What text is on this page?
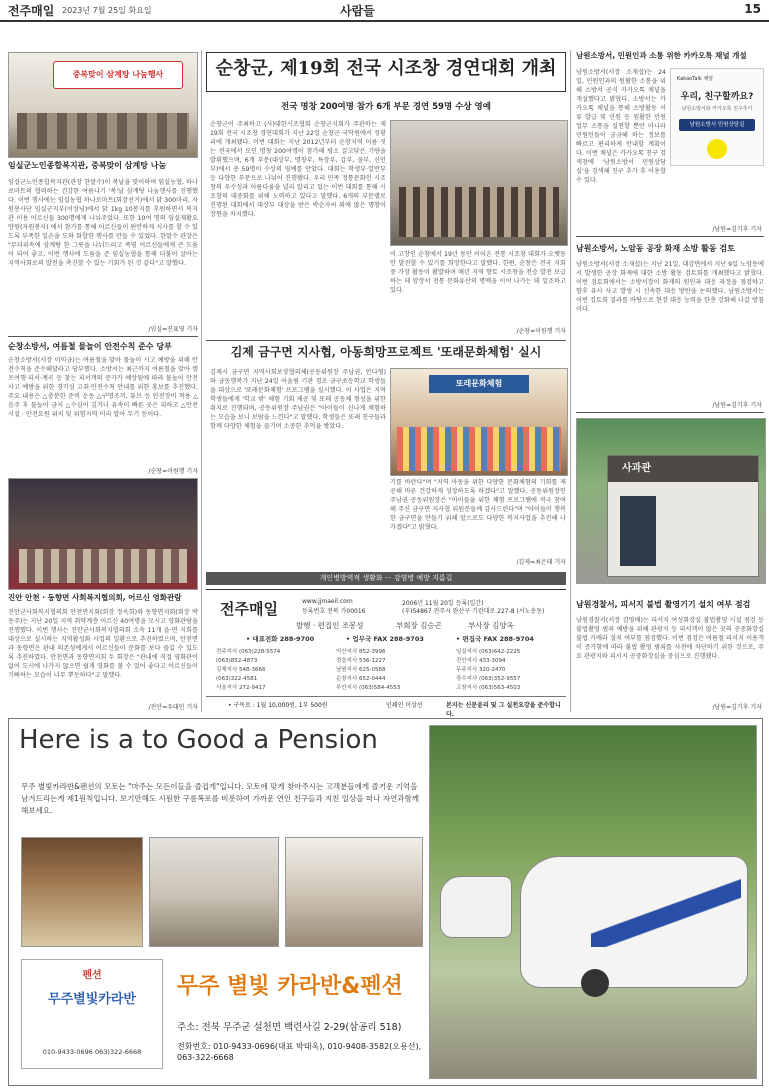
전주매일 2023년 7월 25일 화요일	사람들	15
중복맞이 삼계탕 나눔행사
임실군노인종합복지관, 중복맞이 삼계탕 나눔
임실군노인종합복지관(관장 한말수)이 복날을 맞이하여 임실농협, 하나로마트의 협력하는 건강한 여름나기 '복'날 삼계탕 나눔행사를 진행했다. 이번 행사에는 임실농협 하나로마트(회장선거)에서 닭 300마리, 자원봉사단 임실군지부(이장님)에서 닭 1kg 10봉지를 후원하면서 복지관 이용 어르신들 300명에게 나눠주었다. 또한 10여 명의 임실재활요양원(자원봉사) 에서 참가를 통해 어르신들이 편안하게 식사를 할 수 있도록 부족한 일손을 도와 화합한 행사를 만들 수 있었다. 한말수 관장은 "무더위속에 삼계탕 한 그릇을 나눠드리고 폭염 어르신들에게 큰 도움이 되어 좋고, 이번 행사에 도움을 준 임실농협을 통해 더불어 살아는 지역사회로의 발전을 촉진할 수 있는 기회가 된 것 같다"고 말했다.
/임실=진표영 기자
순창소방서, 여름철 물놀이 안전수칙 준수 당부
순창소방서(서장 이익금)는 여름철을 맞아 물놀이 시고 예방을 위해 안전수칙을 준수해달라고 당부했다. 소방서는 최근까지 여름철을 맞아 캠프여행·피서·계곡 등 찾는 피서객의 증가가 예상됨에 따라 물놀이 안전사고 예방을 위한 경각심 고취·안전수칙 안내를 위한 홍보를 추진했다. 주요 내용은 △충분한 준비 운동 △구명조끼, 튜브 등 안전장비 착용 △음주 후 물놀이 금지 △수심이 깊거나 유속이 빠른 곳은 피하고 △안전시설 · 안전요원 위치 및 위험지역 미리 알아 두기 등이다.
/순창=이원행 기자
진안 안천 · 동향면 사회복지협의회, 어르신 영화관람
진안군사회복지협의회 안천면지회(회장 정옥희)와 동향면지회(회장 박동주)는 지난 20일 지역 취약계층 어르신 40여명을 모시고 영화관람을 진행했다. 이번 행사는 진안군사회복지협의회 소속 11개 읍·면 지회를 대상으로 실시하는 지역활성화 사업의 일환으로 추진하였으며, 안천면과 동향면은 관내 의존성에게서 어르신들이 문화를 보다 즐길 수 있도록 추진하였다. 안천면과 동향면지회 두 회장은 "관내에 직접 영화관이 없어 도시에 나가지 않으면 쉽게 영화를 볼 수 있어 좋다고 어르신들이 기뻐하는 모습이 너무 뿌듯하다"고 말했다.
/진안=우대민 기자
순창군, 제19회 전국 시조창 경연대회 개최
전국 명창 200여명 참가 6개 부문 경연 59명 수상 영예
순창군이 주최하고 (사)대한시조협회 순창군지회가 주관하는 제19회 전국 시조창 경연대회가 지난 22일 순창군 국악원에서 성황리에 개최됐다. 이번 대회는 지난 2012년부터 순창지역 이름 짓는 전국에서 모인 명창 200여명이 참가해 평소 갈고닦은 기량을 발휘했으며, 6개 부문(대상부, 명창부, 특장부, 갑부, 을부, 신인부)에서 총 59명이 수상의 영예를 안았다. 대회는 학생부·일반부 등 다양한 부문으로 나뉘어 진행됐다. 우리 민족 정통문화인 시조창의 우수성과 아름다움을 널리 알리고 있는 이번 대회를 통해 시조창의 대중화를 위해 노력하고 있다고 말했다. 6개의 부문별로 진행된 대회에서 대상부 대상을 받은 박순자씨 외에 많은 명창이 장원을 차지했다.
이 고장인 순창에서 19년 동안 이어온 전통 시조창 대회가 오랫동안 발전할 수 있기를 희망한다고 말했다. 한편, 순창은 전국 지회 중 가장 활동이 활발하며 매년 지역 향토 시조창을 전승 발전 보급하는 데 앞장서 전통 문화유산의 명맥을 이어 나가는 데 일조하고 있다.
/순창=이원행 기자
김제 금구면 지사협, 아동희망프로젝트 '또래문화체험' 실시
김제시 금구면 지역사회보장협의체(공동위원장 주남권, 안다형)와 금동행복가 지난 24일 어울림 기관 경로 금구초등학교 학생들을 대상으로 '또래문화체험' 프로그램을 실시했다. 이 사업은 지역 학생들에게 '학교 밖' 체험 기회 제공 및 또래 공동체 형성을 위한 취지로 진행되며, 공동위원장 주남권은 "아이들이 신나게 체험하는 모습을 보니 보람을 느낀다"고 말했다. 학생들은 또래 친구들과 함께 다양한 체험을 즐기며 소중한 추억을 쌓았다.
또래문화체험
기를 바란다"며 "지역 아동을 위한 다양한 문화체험의 기회를 제공해 바른 건강하게 성장하도록 하겠다"고 말했다. 공동위원장인 주남권 공동위원장은 "아이들을 위한 체험 프로그램에 적극 참여해 주신 금구면 지사협 위원분들께 감사드린다"며 "아이들이 행복한 금구면을 만들기 위해 앞으로도 다양한 복지사업을 추진해 나가겠다"고 밝혔다.
/김제=최은태 기자
개인병방역적 생활화 ··· 감염병 예방 지름길
전주매일	www.jjmaeil.com
등록번호 전북 가00016
2006년 11월 20일 등록(일간)
(우)54867 전주시 완산구 기린대로 227-8 (서노송동)
발행 · 편집인 조봉성	부회장 김승곤	부사장 김양옥
• 대표전화 288-9700	• 업무국 FAX 288-9703	• 편집국 FAX 288-9704
전주지사 (063)228-5574	익산지사 852-3996	임실지사 (063)642-2225
(063)852-4873	정읍지사 536-1227	진안지사 433-3094
김제지사 548-3666	남원지사 625-0568	무주지사 320-2470
(063)322-4581	순창지사 652-0444	장수지사 (063)352-9557
서울지사 272-9417	부안지사 (063)584-4553	고창지사 (063)563-4503
• 구독료 : 1월 10,000원, 1부 500원	인쇄인 이상선	본지는 신문윤리 및 그 실천요강을 준수합니다.
남원소방서, 민원인과 소통 위한 카카오톡 채널 개설
남원소방서(서장 소재섭)는 24일, 민원인과의 원활한 소통을 위해 소방서 공식 카카오톡 채널을 개설했다고 밝혔다. 소방서는 카카오톡 채널을 통해 소방활동 서류 발급 및 민원 등 원활한 민원 업무 소통을 실천할 뿐만 아니라 민원인들이 궁금해 하는 정보를 빠르고 편리하게 안내할 계획이다. 이번 채널은 카카오톡 친구 검색창에 '남원소방서 민원상담실'을 검색해 친구 추가 후 이용할 수 있다.
KakaoTalk 채널
우리, 친구할까요?
남원소방서와 카카오톡 친구추가
남원소방서 민원상담실
/남원=김기후 기자
남원소방서, 노암동 공장 화재 소방 활동 검토
남원소방서(서장 소재섭)는 지난 21일, 대강면에서 지난 9일 노암동에서 발생한 공장 화재에 대한 소방 활동 검토회를 개최했다고 밝혔다. 이번 검토회에서는 소방서장이 화재의 원인과 대응 과정을 점검하고 향후 유사 사고 발생 시 신속한 대응 방안을 논의했다. 남원소방서는 이번 검토회 결과를 바탕으로 현장 대응 능력을 한층 강화해 나갈 방침이다.
/남원=김기후 기자
사과관
남원경찰서, 피서지 불법 촬영기기 설치 여부 점검
남원경찰서(서장 김영배)는 피서지 여성화장실 불법촬영 시설 점검 등 불법촬영 범죄 예방을 위해 관광지 등 피서객이 많은 곳의 공중화장실 불법 카메라 설치 여부를 점검했다. 이번 점검은 여름철 피서지 이용객이 증가함에 따라 불법 촬영 범죄를 사전에 차단하기 위한 것으로, 주요 관광지와 피서지 공중화장실을 중심으로 진행됐다.
/남원=김기후 기자
Here is a to Good a Pension
무주 별빛카라반&펜션의 모토는 "마주는 모든이들을 즐겁게"입니다. 모토에 맞게 찾아주시는 고객분들에게 즐거운 기억을 남겨드리는게 제1원칙입니다. 보기만해도 시원한 구름폭포를 비롯하여 가까운 연인 친구들과 지친 일상을 떠나 자연과함께해보세요.
펜션
무주별빛카라반
010-9433-0696 063)322-6668
무주 별빛 카라반&펜션
주소: 전북 무주군 설천면 백련사길 2-29(삼공리 518)
전화번호: 010-9433-0696(대표 박태옥), 010-9408-3582(오용선), 063-322-6668
